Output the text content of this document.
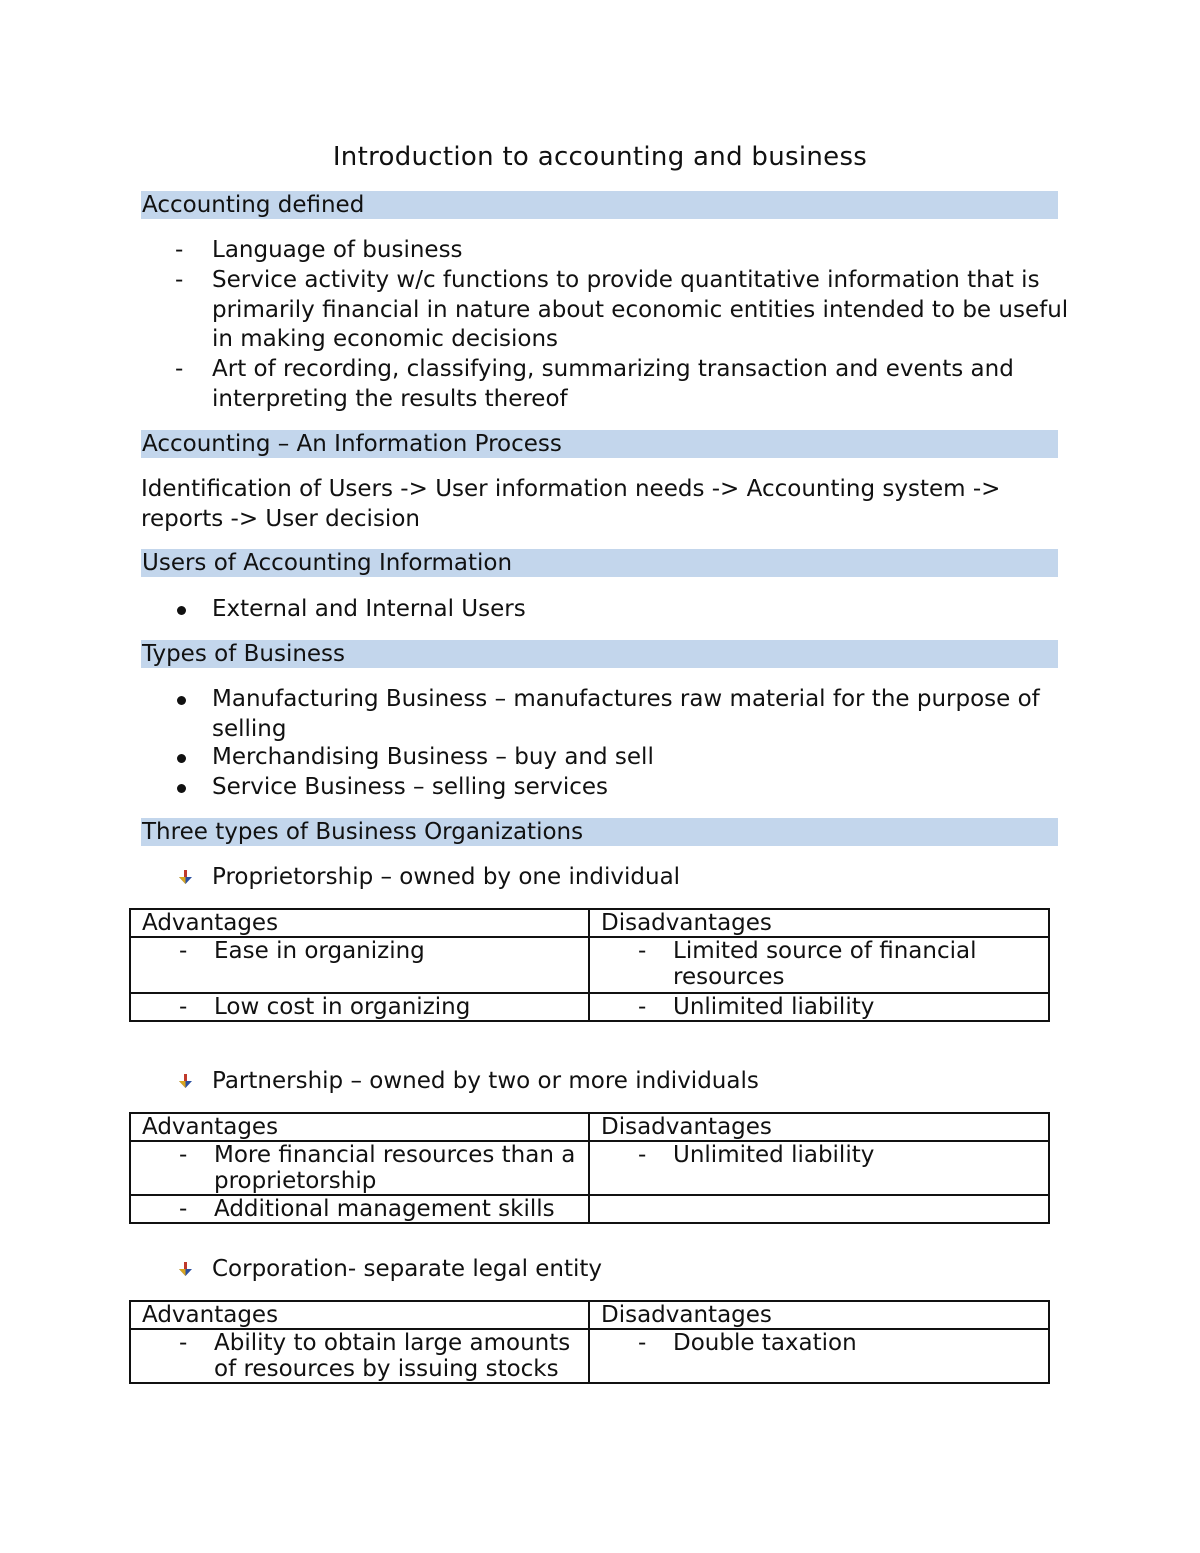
Introduction to accounting and business
Accounting defined
-	Language of business
-	Service activity w/c functions to provide quantitative information that is primarily financial in nature about economic entities intended to be useful in making economic decisions
-	Art of recording, classifying, summarizing transaction and events and interpreting the results thereof
Accounting – An Information Process
Identification of Users -> User information needs -> Accounting system -> reports -> User decision
Users of Accounting Information
External and Internal Users
Types of Business
Manufacturing Business – manufactures raw material for the purpose of selling
Merchandising Business – buy and sell
Service Business – selling services
Three types of Business Organizations
Proprietorship – owned by one individual
Advantages	Disadvantages

- Ease in organizing	- Limited source of financial resources

- Low cost in organizing	- Unlimited liability
Partnership – owned by two or more individuals
Advantages	Disadvantages

- More financial resources than a proprietorship	- Unlimited liability

- Additional management skills	

Corporation- separate legal entity
Advantages	Disadvantages

- Ability to obtain large amounts of resources by issuing stocks	- Double taxation
